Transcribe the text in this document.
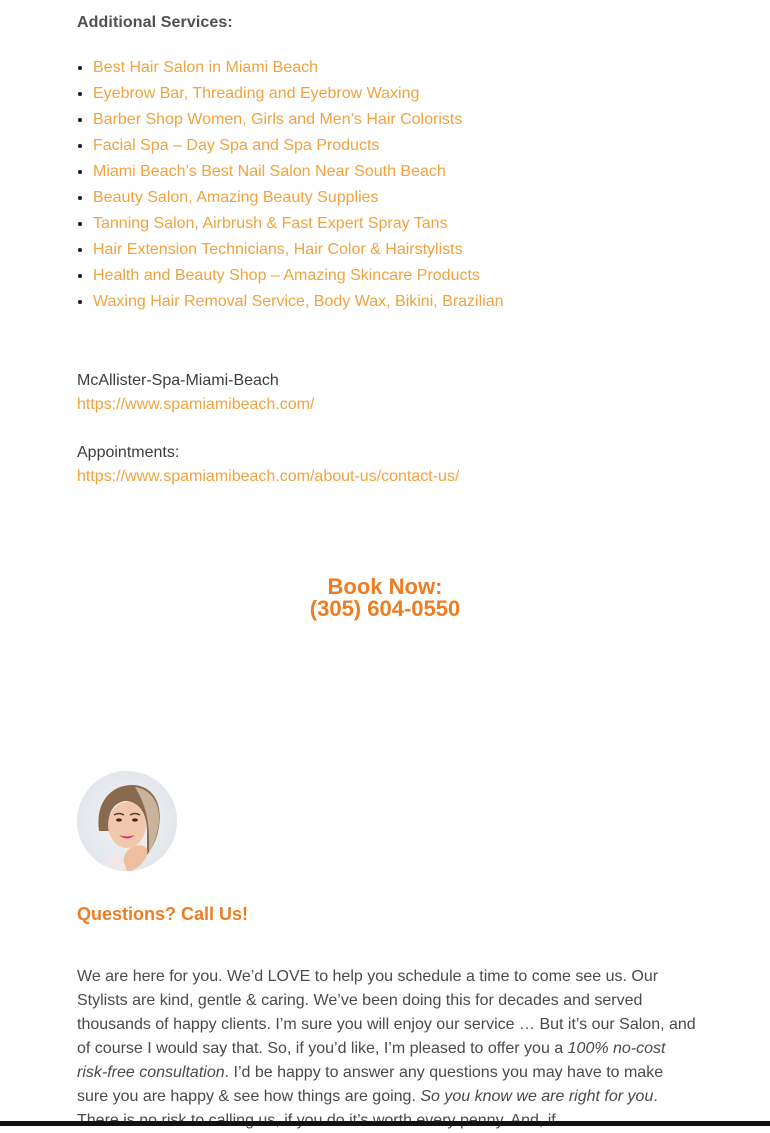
Additional Services:
• Best Hair Salon in Miami Beach
• Eyebrow Bar, Threading and Eyebrow Waxing
• Barber Shop Women, Girls and Men’s Hair Colorists
• Facial Spa – Day Spa and Spa Products
• Miami Beach’s Best Nail Salon Near South Beach
• Beauty Salon, Amazing Beauty Supplies
• Tanning Salon, Airbrush & Fast Expert Spray Tans
• Hair Extension Technicians, Hair Color & Hairstylists
• Health and Beauty Shop – Amazing Skincare Products
• Waxing Hair Removal Service, Body Wax, Bikini, Brazilian
McAllister-Spa-Miami-Beach
https://www.spamiamibeach.com/
Appointments:
https://www.spamiamibeach.com/about-us/contact-us/
Book Now:
(305) 604-0550
Questions? Call Us!
We are here for you. We’d LOVE to help you schedule a time to come see us. Our Stylists are kind, gentle & caring. We’ve been doing this for decades and served thousands of happy clients. I’m sure you will enjoy our service … But it’s our Salon, and of course I would say that. So, if you’d like, I’m pleased to offer you a 100% no-cost risk-free consultation. I’d be happy to answer any questions you may have to make sure you are happy & see how things are going. So you know we are right for you.
